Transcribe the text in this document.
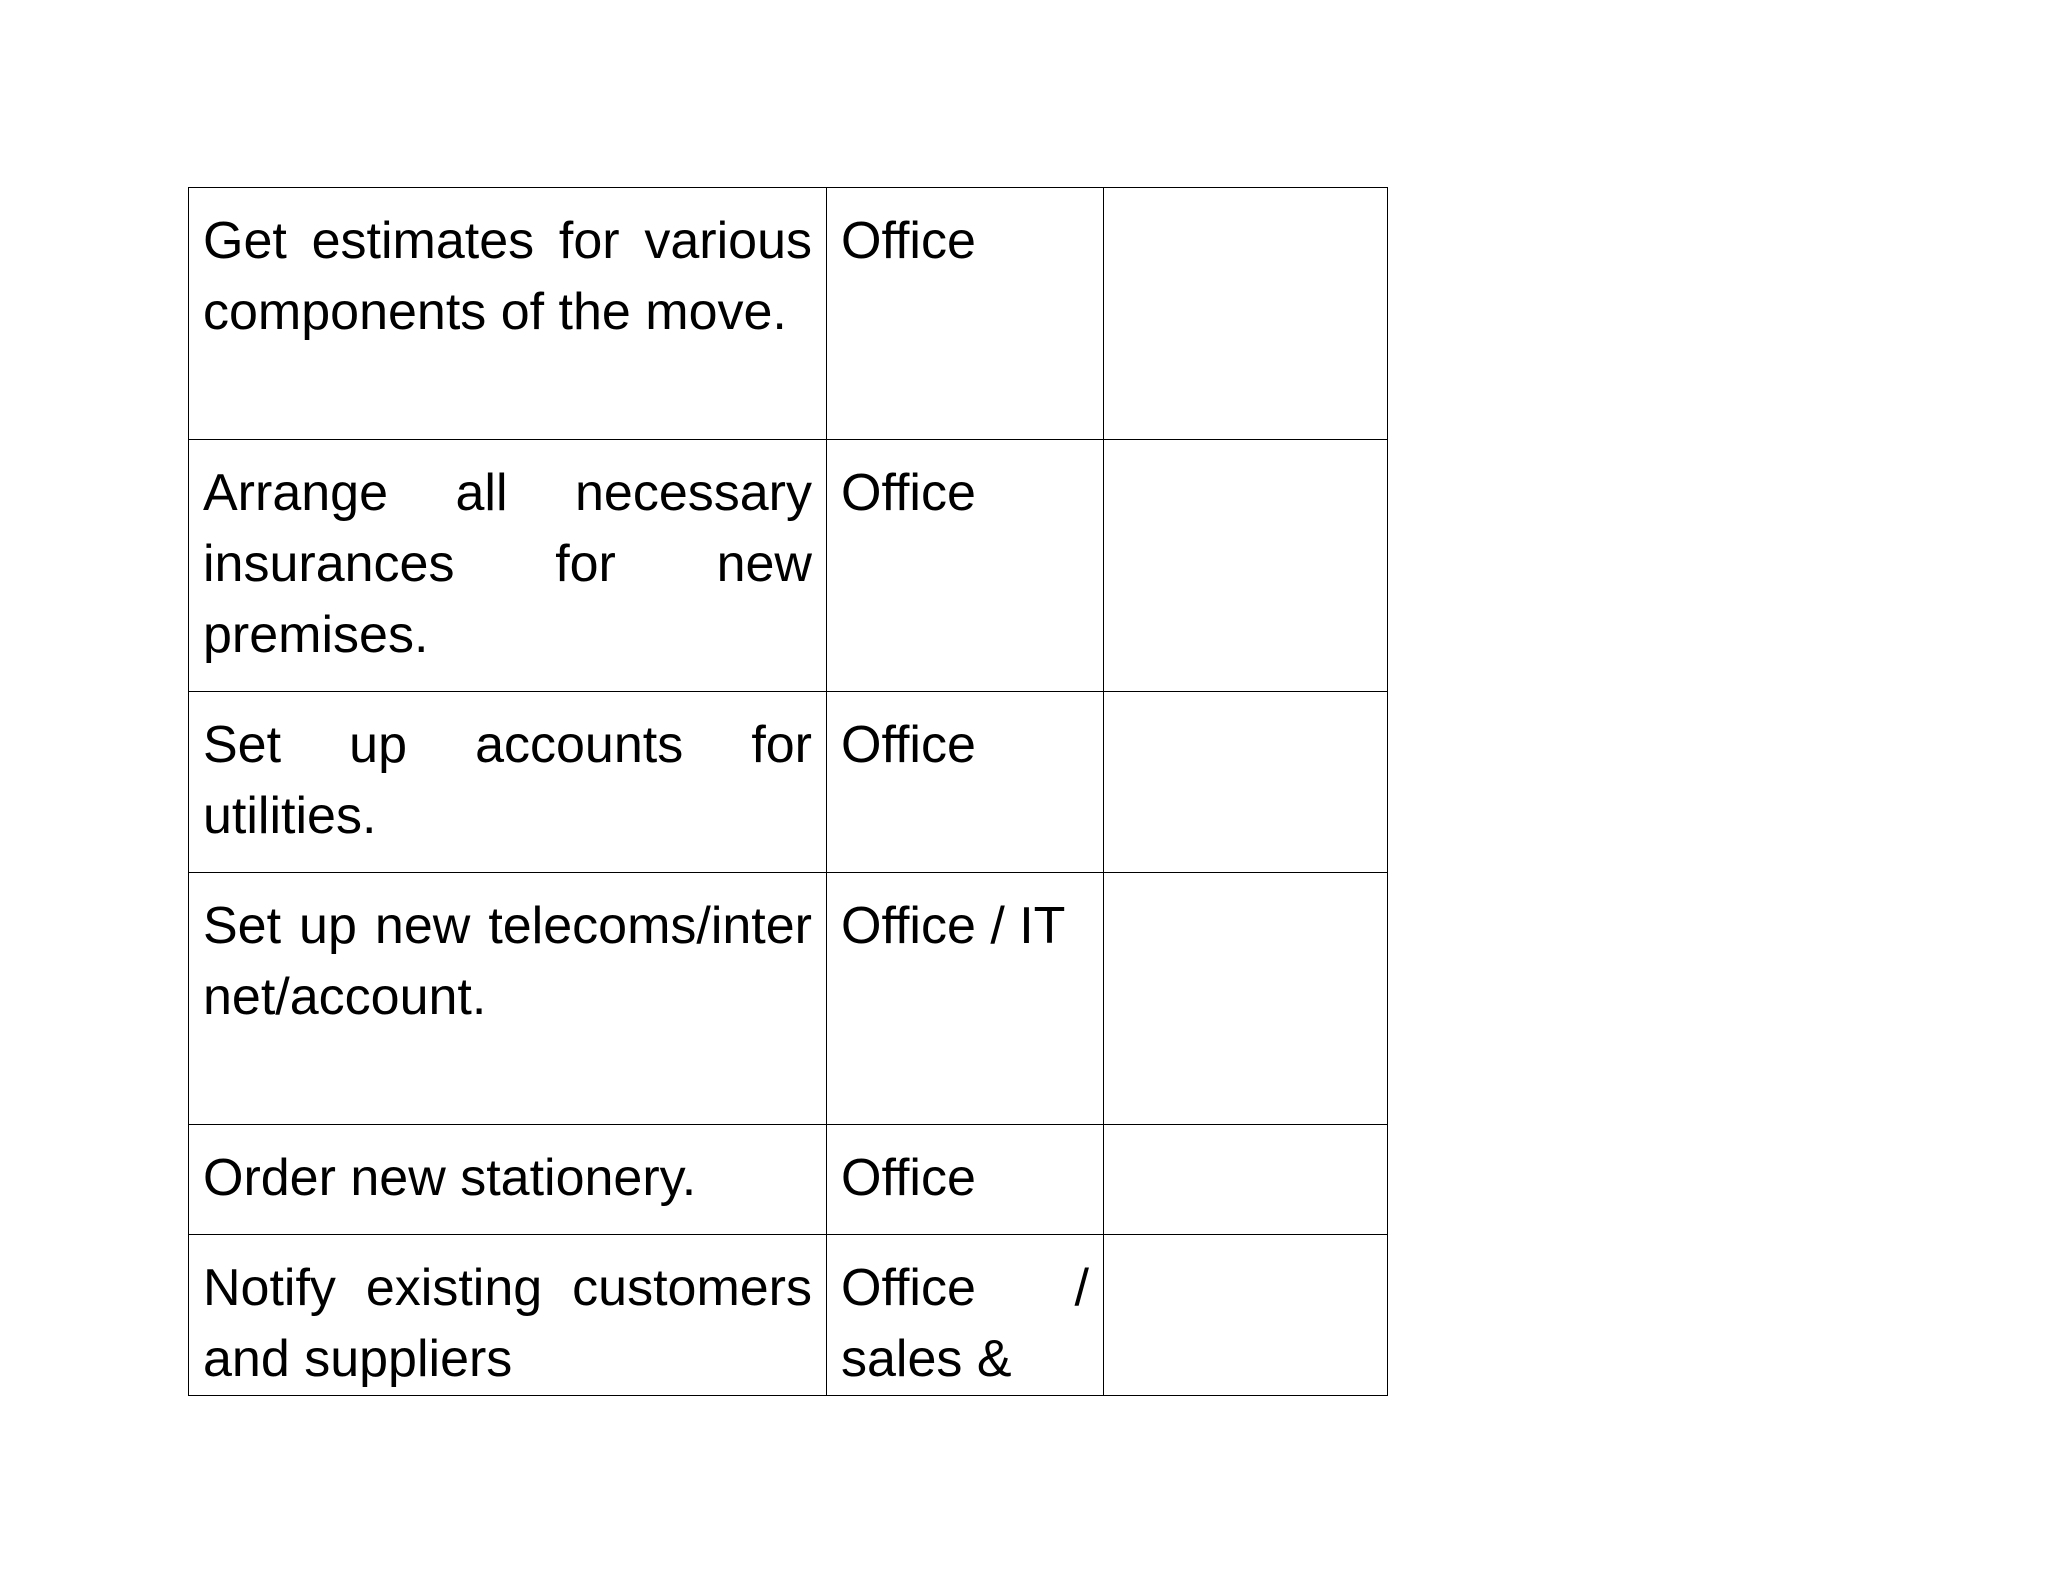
Get estimates for various components of the move.	Office	

Arrange all necessary insurances for new premises.	Office	

Set up accounts for utilities.	Office	

Set up new telecoms/internet/account.	Office / IT	

Order new stationery.	Office	

Notify existing customers and suppliers	Office / sales &	
